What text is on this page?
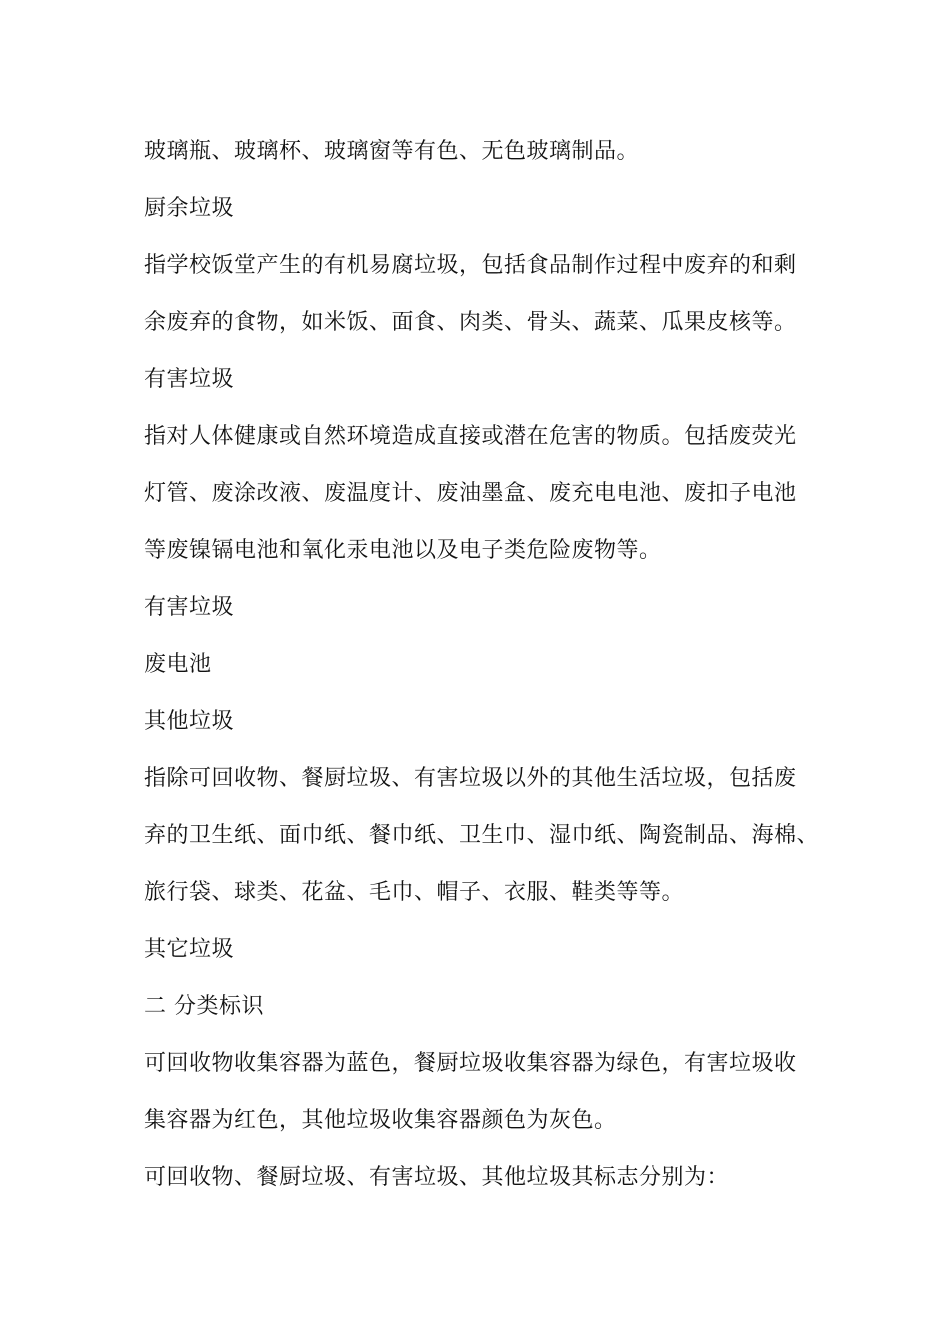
玻璃瓶、玻璃杯、玻璃窗等有色、无色玻璃制品。
厨余垃圾
指学校饭堂产生的有机易腐垃圾，包括食品制作过程中废弃的和剩
余废弃的食物，如米饭、面食、肉类、骨头、蔬菜、瓜果皮核等。
有害垃圾
指对人体健康或自然环境造成直接或潜在危害的物质。包括废荧光
灯管、废涂改液、废温度计、废油墨盒、废充电电池、废扣子电池
等废镍镉电池和氧化汞电池以及电子类危险废物等。
有害垃圾
废电池
其他垃圾
指除可回收物、餐厨垃圾、有害垃圾以外的其他生活垃圾，包括废
弃的卫生纸、面巾纸、餐巾纸、卫生巾、湿巾纸、陶瓷制品、海棉、
旅行袋、球类、花盆、毛巾、帽子、衣服、鞋类等等。
其它垃圾
二 分类标识
可回收物收集容器为蓝色，餐厨垃圾收集容器为绿色，有害垃圾收
集容器为红色，其他垃圾收集容器颜色为灰色。
可回收物、餐厨垃圾、有害垃圾、其他垃圾其标志分别为：
